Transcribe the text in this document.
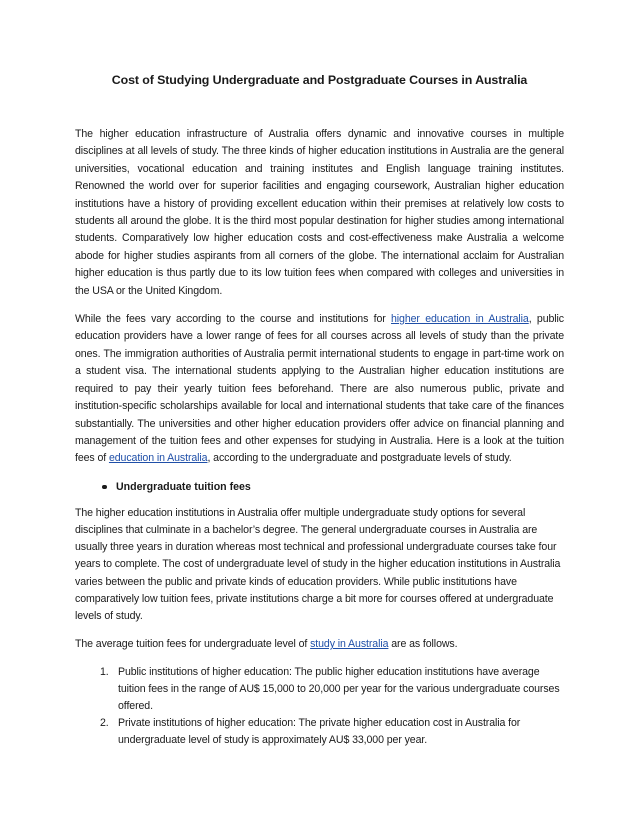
Cost of Studying Undergraduate and Postgraduate Courses in Australia

The higher education infrastructure of Australia offers dynamic and innovative courses in multiple disciplines at all levels of study. The three kinds of higher education institutions in Australia are the general universities, vocational education and training institutes and English language training institutes. Renowned the world over for superior facilities and engaging coursework, Australian higher education institutions have a history of providing excellent education within their premises at relatively low costs to students all around the globe. It is the third most popular destination for higher studies among international students. Comparatively low higher education costs and cost-effectiveness make Australia a welcome abode for higher studies aspirants from all corners of the globe. The international acclaim for Australian higher education is thus partly due to its low tuition fees when compared with colleges and universities in the USA or the United Kingdom.

While the fees vary according to the course and institutions for higher education in Australia, public education providers have a lower range of fees for all courses across all levels of study than the private ones. The immigration authorities of Australia permit international students to engage in part-time work on a student visa. The international students applying to the Australian higher education institutions are required to pay their yearly tuition fees beforehand. There are also numerous public, private and institution-specific scholarships available for local and international students that take care of the finances substantially. The universities and other higher education providers offer advice on financial planning and management of the tuition fees and other expenses for studying in Australia. Here is a look at the tuition fees of education in Australia, according to the undergraduate and postgraduate levels of study.

Undergraduate tuition fees

The higher education institutions in Australia offer multiple undergraduate study options for several disciplines that culminate in a bachelor’s degree. The general undergraduate courses in Australia are usually three years in duration whereas most technical and professional undergraduate courses take four years to complete. The cost of undergraduate level of study in the higher education institutions in Australia varies between the public and private kinds of education providers. While public institutions have comparatively low tuition fees, private institutions charge a bit more for courses offered at undergraduate levels of study.

The average tuition fees for undergraduate level of study in Australia are as follows.

1. Public institutions of higher education: The public higher education institutions have average tuition fees in the range of AU$ 15,000 to 20,000 per year for the various undergraduate courses offered.
2. Private institutions of higher education: The private higher education cost in Australia for undergraduate level of study is approximately AU$ 33,000 per year.
